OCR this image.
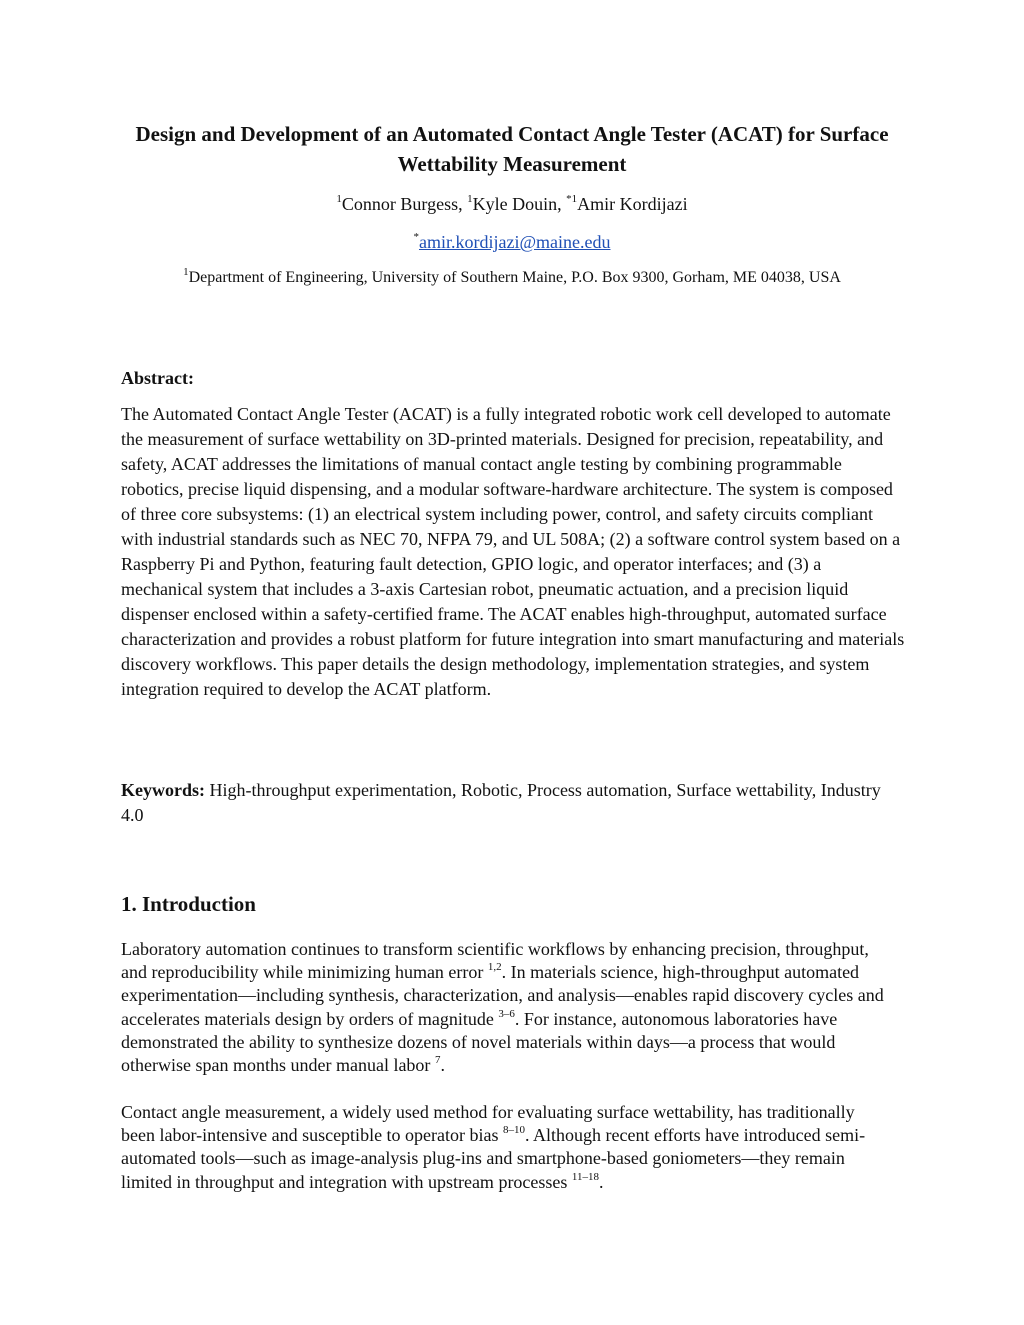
Design and Development of an Automated Contact Angle Tester (ACAT) for Surface Wettability Measurement
$^1$Connor Burgess, $^1$Kyle Douin, $^{*1}$Amir Kordijazi
*amir.kordijazi@maine.edu
$^1$Department of Engineering, University of Southern Maine, P.O. Box 9300, Gorham, ME 04038, USA
Abstract:

The Automated Contact Angle Tester (ACAT) is a fully integrated robotic work cell developed to automate the measurement of surface wettability on 3D-printed materials. Designed for precision, repeatability, and safety, ACAT addresses the limitations of manual contact angle testing by combining programmable robotics, precise liquid dispensing, and a modular software-hardware architecture. The system is composed of three core subsystems: (1) an electrical system including power, control, and safety circuits compliant with industrial standards such as NEC 70, NFPA 79, and UL 508A; (2) a software control system based on a Raspberry Pi and Python, featuring fault detection, GPIO logic, and operator interfaces; and (3) a mechanical system that includes a 3-axis Cartesian robot, pneumatic actuation, and a precision liquid dispenser enclosed within a safety-certified frame. The ACAT enables high-throughput, automated surface characterization and provides a robust platform for future integration into smart manufacturing and materials discovery workflows. This paper details the design methodology, implementation strategies, and system integration required to develop the ACAT platform.

Keywords: High-throughput experimentation, Robotic, Process automation, Surface wettability, Industry 4.0

1. Introduction

Laboratory automation continues to transform scientific workflows by enhancing precision, throughput, and reproducibility while minimizing human error $^{1,2}$. In materials science, high-throughput automated experimentation—including synthesis, characterization, and analysis—enables rapid discovery cycles and accelerates materials design by orders of magnitude $^{3-6}$. For instance, autonomous laboratories have demonstrated the ability to synthesize dozens of novel materials within days—a process that would otherwise span months under manual labor $^7$.

Contact angle measurement, a widely used method for evaluating surface wettability, has traditionally been labor-intensive and susceptible to operator bias $^{8-10}$. Although recent efforts have introduced semi-automated tools—such as image-analysis plug-ins and smartphone-based goniometers—they remain limited in throughput and integration with upstream processes $^{11-18}$.
